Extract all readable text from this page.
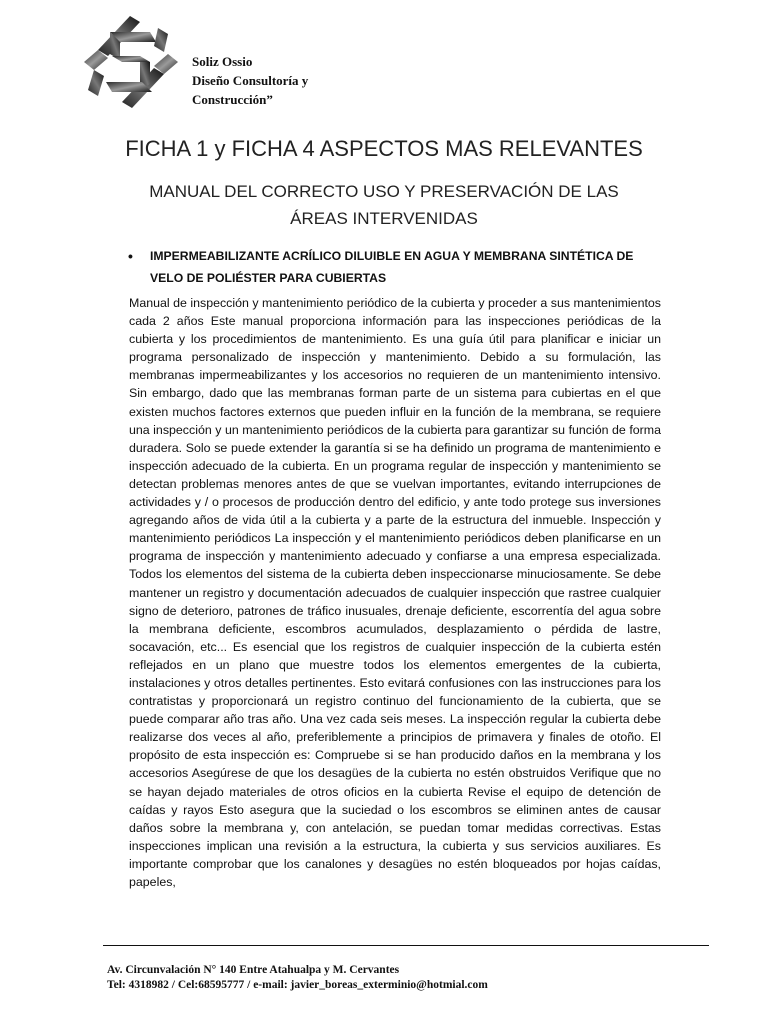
Soliz Ossio
Diseño Consultoría y
Construcción”
FICHA 1 y FICHA 4 ASPECTOS MAS RELEVANTES
MANUAL DEL CORRECTO USO Y PRESERVACIÓN DE LAS ÁREAS INTERVENIDAS
•	IMPERMEABILIZANTE ACRÍLICO DILUIBLE EN AGUA Y MEMBRANA SINTÉTICA DE VELO DE POLIÉSTER PARA CUBIERTAS

Manual de inspección y mantenimiento periódico de la cubierta y proceder a sus mantenimientos cada 2 años Este manual proporciona información para las inspecciones periódicas de la cubierta y los procedimientos de mantenimiento. Es una guía útil para planificar e iniciar un programa personalizado de inspección y mantenimiento. Debido a su formulación, las membranas impermeabilizantes y los accesorios no requieren de un mantenimiento intensivo. Sin embargo, dado que las membranas forman parte de un sistema para cubiertas en el que existen muchos factores externos que pueden influir en la función de la membrana, se requiere una inspección y un mantenimiento periódicos de la cubierta para garantizar su función de forma duradera. Solo se puede extender la garantía si se ha definido un programa de mantenimiento e inspección adecuado de la cubierta. En un programa regular de inspección y mantenimiento se detectan problemas menores antes de que se vuelvan importantes, evitando interrupciones de actividades y / o procesos de producción dentro del edificio, y ante todo protege sus inversiones agregando años de vida útil a la cubierta y a parte de la estructura del inmueble. Inspección y mantenimiento periódicos La inspección y el mantenimiento periódicos deben planificarse en un programa de inspección y mantenimiento adecuado y confiarse a una empresa especializada. Todos los elementos del sistema de la cubierta deben inspeccionarse minuciosamente. Se debe mantener un registro y documentación adecuados de cualquier inspección que rastree cualquier signo de deterioro, patrones de tráfico inusuales, drenaje deficiente, escorrentía del agua sobre la membrana deficiente, escombros acumulados, desplazamiento o pérdida de lastre, socavación, etc... Es esencial que los registros de cualquier inspección de la cubierta estén reflejados en un plano que muestre todos los elementos emergentes de la cubierta, instalaciones y otros detalles pertinentes. Esto evitará confusiones con las instrucciones para los contratistas y proporcionará un registro continuo del funcionamiento de la cubierta, que se puede comparar año tras año. Una vez cada seis meses. La inspección regular la cubierta debe realizarse dos veces al año, preferiblemente a principios de primavera y finales de otoño. El propósito de esta inspección es: Compruebe si se han producido daños en la membrana y los accesorios Asegúrese de que los desagües de la cubierta no estén obstruidos Verifique que no se hayan dejado materiales de otros oficios en la cubierta Revise el equipo de detención de caídas y rayos Esto asegura que la suciedad o los escombros se eliminen antes de causar daños sobre la membrana y, con antelación, se puedan tomar medidas correctivas. Estas inspecciones implican una revisión a la estructura, la cubierta y sus servicios auxiliares. Es importante comprobar que los canalones y desagües no estén bloqueados por hojas caídas, papeles,

Av. Circunvalación N° 140 Entre Atahualpa y M. Cervantes
Tel: 4318982 / Cel:68595777 / e-mail: javier_boreas_exterminio@hotmial.com
